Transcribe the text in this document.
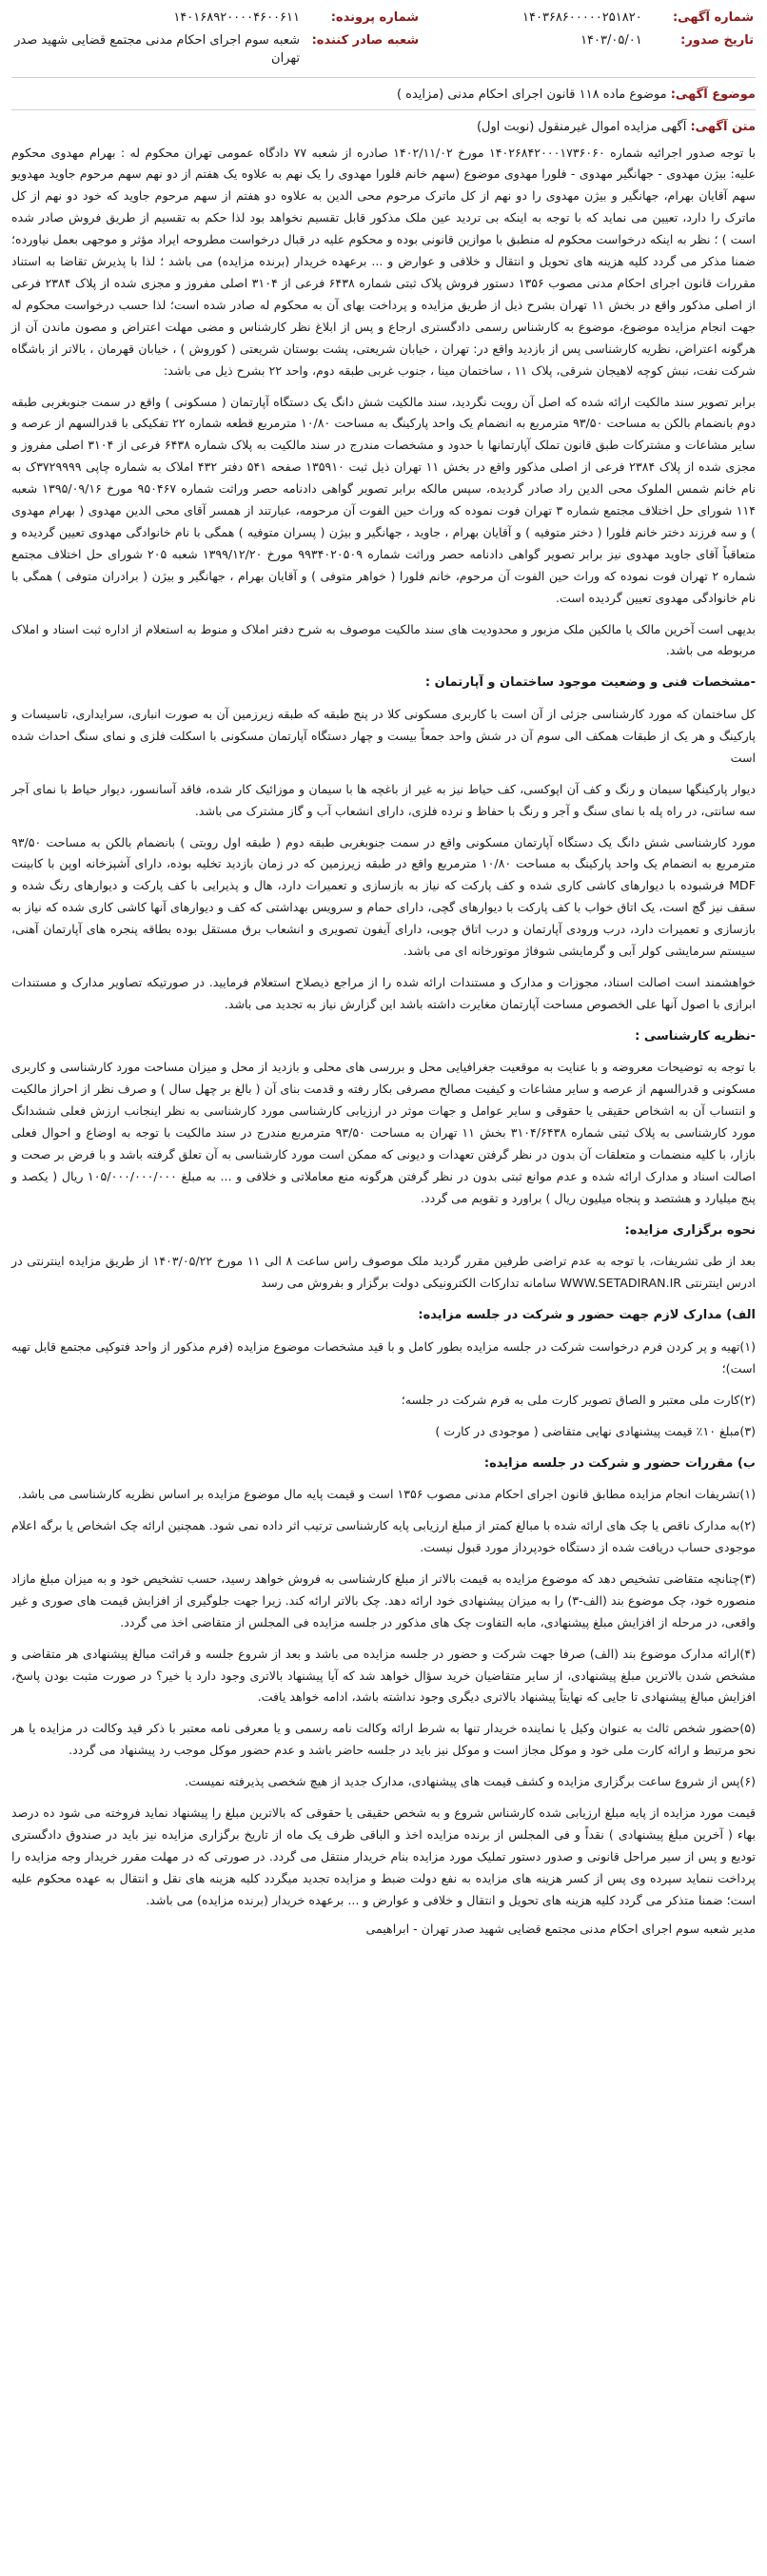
شماره آگهی:	۱۴۰۳۶۸۶۰۰۰۰۰۲۵۱۸۲۰	شماره پرونده:	۱۴۰۱۶۸۹۲۰۰۰۰۴۶۰۰۶۱۱
تاریخ صدور:	۱۴۰۳/۰۵/۰۱	شعبه صادر کننده:	شعبه سوم اجرای احکام مدنی مجتمع قضایی شهید صدر تهران
موضوع آگهی: موضوع ماده ۱۱۸ قانون اجرای احکام مدنی (مزایده )
متن آگهی: آگهی مزایده اموال غیرمنقول (نوبت اول)

با توجه صدور اجرائیه شماره ۱۴۰۲۶۸۴۲۰۰۰۱۷۳۶۰۶۰ مورخ ۱۴۰۲/۱۱/۰۲ صادره از شعبه ۷۷ دادگاه عمومی تهران محکوم له : بهرام مهدوی محکوم علیه: بیژن مهدوی - جهانگیر مهدوی - فلورا مهدوی موضوع (سهم خانم فلورا مهدوی را یک نهم به علاوه یک هفتم از دو نهم سهم مرحوم جاوید مهدویو سهم آقایان بهرام، جهانگیر و بیژن مهدوی را دو نهم از کل ماترک مرحوم محی الدین به علاوه دو هفتم از سهم مرحوم جاوید که خود دو نهم از کل ماترک را دارد، تعیین می نماید که با توجه به اینکه بی تردید عین ملک مذکور قابل تقسیم نخواهد بود لذا حکم به تقسیم از طریق فروش صادر شده است ) ؛ نظر به اینکه درخواست محکوم له منطبق با موازین قانونی بوده و محکوم علیه در قبال درخواست مطروحه ایراد مؤثر و موجهی بعمل نیاورده؛ ضمنا مذکر می گردد کلیه هزینه های تحویل و انتقال و خلافی و عوارض و ... برعهده خریدار (برنده مزایده) می باشد ؛ لذا با پذیرش تقاضا به استناد مقررات قانون اجرای احکام مدنی مصوب ۱۳۵۶ دستور فروش پلاک ثبتی شماره ۶۴۳۸ فرعی از ۳۱۰۴ اصلی مفروز و مجزی شده از پلاک ۲۳۸۴ فرعی از اصلی مذکور واقع در بخش ۱۱ تهران بشرح ذیل از طریق مزایده و پرداخت بهای آن به محکوم له صادر شده است؛ لذا حسب درخواست محکوم له جهت انجام مزایده موضوع، موضوع به کارشناس رسمی دادگستری ارجاع و پس از ابلاغ نظر کارشناس و مضی مهلت اعتراض و مصون ماندن آن از هرگونه اعتراض، نظریه کارشناسی پس از بازدید واقع در: تهران ، خیابان شریعتی، پشت بوستان شریعتی ( کوروش ) ، خیابان قهرمان ، بالاتر از باشگاه شرکت نفت، نبش کوچه لاهیجان شرقی، پلاک ۱۱ ، ساختمان مینا ، جنوب غربی طبقه دوم، واحد ۲۲ بشرح ذیل می باشد:

برابر تصویر سند مالکیت ارائه شده که اصل آن رویت نگردید، سند مالکیت شش دانگ یک دستگاه آپارتمان ( مسکونی ) واقع در سمت جنوبغربی طبقه دوم بانضمام بالکن به مساحت ۹۳/۵۰ مترمربع به انضمام یک واحد پارکینگ به مساحت ۱۰/۸۰ مترمربع قطعه شماره ۲۲ تفکیکی با قدرالسهم از عرصه و سایر مشاعات و مشترکات طبق قانون تملک آپارتمانها با حدود و مشخصات مندرج در سند مالکیت به پلاک شماره ۶۴۳۸ فرعی از ۳۱۰۴ اصلی مفروز و مجزی شده از پلاک ۲۳۸۴ فرعی از اصلی مذکور واقع در بخش ۱۱ تهران ذیل ثبت ۱۳۵۹۱۰ صفحه ۵۴۱ دفتر ۴۳۲ املاک به شماره چاپی ۳۷۲۹۹۹۹ک به نام خانم شمس الملوک محی الدین راد صادر گردیده، سپس مالکه برابر تصویر گواهی دادنامه حصر وراثت شماره ۹۵۰۴۶۷ مورخ ۱۳۹۵/۰۹/۱۶ شعبه ۱۱۴ شورای حل اختلاف مجتمع شماره ۳ تهران فوت نموده که وراث حین الفوت آن مرحومه، عبارتند از همسر آقای محی الدین مهدوی ( بهرام مهدوی ) و سه فرزند دختر خانم فلورا ( دختر متوفیه ) و آقایان بهرام ، جاوید ، جهانگیر و بیژن ( پسران متوفیه ) همگی با نام خانوادگی مهدوی تعیین گردیده و متعاقباً آقای جاوید مهدوی نیز برابر تصویر گواهی دادنامه حصر وراثت شماره ۹۹۳۴۰۲۰۵۰۹ مورخ ۱۳۹۹/۱۲/۲۰ شعبه ۲۰۵ شورای حل اختلاف مجتمع شماره ۲ تهران فوت نموده که وراث حین الفوت آن مرحوم، خانم فلورا ( خواهر متوفی ) و آقایان بهرام ، جهانگیر و بیژن ( برادران متوفی ) همگی با نام خانوادگی مهدوی تعیین گردیده است.

بدیهی است آخرین مالک یا مالکین ملک مزبور و محدودیت های سند مالکیت موصوف به شرح دفتر املاک و منوط به استعلام از اداره ثبت اسناد و املاک مربوطه می باشد.

-مشخصات فنی و وضعیت موجود ساختمان و آپارتمان :

کل ساختمان که مورد کارشناسی جزئی از آن است با کاربری مسکونی کلا در پنج طبقه که طبقه زیرزمین آن به صورت انباری، سرایداری، تاسیسات و پارکینگ و هر یک از طبقات همکف الی سوم آن در شش واحد جمعاً بیست و چهار دستگاه آپارتمان مسکونی با اسکلت فلزی و نمای سنگ احداث شده است

دیوار پارکینگها سیمان و رنگ و کف آن اپوکسی، کف حیاط نیز به غیر از باغچه ها با سیمان و موزائیک کار شده، فاقد آسانسور، دیوار حیاط با نمای آجر سه سانتی، در راه پله با نمای سنگ و آجر و رنگ با حفاظ و نرده فلزی، دارای انشعاب آب و گاز مشترک می باشد.

مورد کارشناسی شش دانگ یک دستگاه آپارتمان مسکونی واقع در سمت جنوبغربی طبقه دوم ( طبقه اول روبتی ) بانضمام بالکن به مساحت ۹۳/۵۰ مترمربع به انضمام یک واحد پارکینگ به مساحت ۱۰/۸۰ مترمربع واقع در طبقه زیرزمین که در زمان بازدید تخلیه بوده، دارای آشپزخانه اوپن با کابینت MDF فرشبوده با دیوارهای کاشی کاری شده و کف پارکت که نیاز به بازسازی و تعمیرات دارد، هال و پذیرایی با کف پارکت و دیوارهای رنگ شده و سقف نیز گچ است، یک اتاق خواب با کف پارکت با دیوارهای گچی، دارای حمام و سرویس بهداشتی که کف و دیوارهای آنها کاشی کاری شده که نیاز به بازسازی و تعمیرات دارد، درب ورودی آپارتمان و درب اتاق چوبی، دارای آیفون تصویری و انشعاب برق مستقل بوده بطاقه پنجره های آپارتمان آهنی، سیستم سرمایشی کولر آبی و گرمایشی شوفاژ موتورخانه ای می باشد.

خواهشمند است اصالت اسناد، مجوزات و مدارک و مستندات ارائه شده را از مراجع ذیصلاح استعلام فرمایید. در صورتیکه تصاویر مدارک و مستندات ابرازی با اصول آنها علی الخصوص مساحت آپارتمان مغایرت داشته باشد این گزارش نیاز به تجدید می باشد.

-نظریه کارشناسی :

با توجه به توضیحات معروضه و با عنایت به موقعیت جغرافیایی محل و بررسی های محلی و بازدید از محل و میزان مساحت مورد کارشناسی و کاربری مسکونی و قدرالسهم از عرصه و سایر مشاعات و کیفیت مصالح مصرفی بکار رفته و قدمت بنای آن ( بالغ بر چهل سال ) و صرف نظر از احراز مالکیت و انتساب آن به اشخاص حقیقی یا حقوقی و سایر عوامل و جهات موثر در ارزیابی کارشناسی مورد کارشناسی به نظر اینجانب ارزش فعلی ششدانگ مورد کارشناسی به پلاک ثبتی شماره ۳۱۰۴/۶۴۳۸ بخش ۱۱ تهران به مساحت ۹۳/۵۰ مترمربع مندرج در سند مالکیت با توجه به اوضاع و احوال فعلی بازار، با کلیه منضمات و متعلقات آن بدون در نظر گرفتن تعهدات و دیونی که ممکن است مورد کارشناسی به آن تعلق گرفته باشد و با فرض بر صحت و اصالت اسناد و مدارک ارائه شده و عدم موانع ثبتی بدون در نظر گرفتن هرگونه منع معاملاتی و خلافی و ... به مبلغ ۱۰۵/۰۰۰/۰۰۰/۰۰۰ ریال ( یکصد و پنج میلیارد و هشتصد و پنجاه میلیون ریال ) براورد و تقویم می گردد.

نحوه برگزاری مزایده:

بعد از طی تشریفات، با توجه به عدم تراضی طرفین مقرر گردید ملک موصوف راس ساعت ۸ الی ۱۱ مورخ ۱۴۰۳/۰۵/۲۲ از طریق مزایده اینترنتی در ادرس اینترنتی WWW.SETADIRAN.IR سامانه تدارکات الکترونیکی دولت برگزار و بفروش می رسد

الف) مدارک لازم جهت حضور و شرکت در جلسه مزایده:

(۱)تهیه و پر کردن فرم درخواست شرکت در جلسه مزایده بطور کامل و با قید مشخصات موضوع مزایده (فرم مذکور از واحد فتوکپی مجتمع قابل تهیه است)؛

(۲)کارت ملی معتبر و الصاق تصویر کارت ملی به فرم شرکت در جلسه؛

(۳)مبلغ ۱۰٪ قیمت پیشنهادی نهایی متقاضی ( موجودی در کارت )

ب) مقررات حضور و شرکت در جلسه مزایده:

(۱)تشریفات انجام مزایده مطابق قانون اجرای احکام مدنی مصوب ۱۳۵۶ است و قیمت پایه مال موضوع مزایده بر اساس نظریه کارشناسی می باشد.

(۲)به مدارک ناقص یا چک های ارائه شده با مبالغ کمتر از مبلغ ارزیابی پایه کارشناسی ترتیب اثر داده نمی شود. همچنین ارائه چک اشخاص یا برگه اعلام موجودی حساب دریافت شده از دستگاه خودپرداز مورد قبول نیست.

(۳)چنانچه متقاضی تشخیص دهد که موضوع مزایده به قیمت بالاتر از مبلغ کارشناسی به فروش خواهد رسید، حسب تشخیص خود و به میزان مبلغ مازاد منصوره خود، چک موضوع بند (الف-۳) را به میزان پیشنهادی خود ارائه دهد. چک بالاتر ارائه کند. زیرا جهت جلوگیری از افزایش قیمت های صوری و غیر واقعی، در مرحله از افزایش مبلغ پیشنهادی، مابه التفاوت چک های مذکور در جلسه مزایده فی المجلس از متقاضی اخذ می گردد.

(۴)ارائه مدارک موضوع بند (الف) صرفا جهت شرکت و حضور در جلسه مزایده می باشد و بعد از شروع جلسه و قرائت مبالغ پیشنهادی هر متقاضی و مشخص شدن بالاترین مبلغ پیشنهادی، از سایر متقاضیان خرید سؤال خواهد شد که آیا پیشنهاد بالاتری وجود دارد یا خیر؟ در صورت مثبت بودن پاسخ، افزایش مبالغ پیشنهادی تا جایی که نهایتاً پیشنهاد بالاتری دیگری وجود نداشته باشد، ادامه خواهد یافت.

(۵)حضور شخص ثالث به عنوان وکیل یا نماینده خریدار تنها به شرط ارائه وکالت نامه رسمی و یا معرفی نامه معتبر با ذکر قید وکالت در مزایده یا هر نحو مرتبط و ارائه کارت ملی خود و موکل مجاز است و موکل نیز باید در جلسه حاضر باشد و عدم حضور موکل موجب رد پیشنهاد می گردد.

(۶)پس از شروع ساعت برگزاری مزایده و کشف قیمت های پیشنهادی، مدارک جدید از هیچ شخصی پذیرفته نمیست.

قیمت مورد مزایده از پایه مبلغ ارزیابی شده کارشناس شروع و به شخص حقیقی یا حقوقی که بالاترین مبلغ را پیشنهاد نماید فروخته می شود ده درصد بهاء ( آخرین مبلغ پیشنهادی ) نقداً و فی المجلس از برنده مزایده اخذ و الباقی ظرف یک ماه از تاریخ برگزاری مزایده نیز باید در صندوق دادگستری تودیع و پس از سیر مراحل قانونی و صدور دستور تملیک مورد مزایده بنام خریدار منتقل می گردد. در صورتی که در مهلت مقرر خریدار وجه مزایده را پرداخت ننماید سپرده وی پس از کسر هزینه های مزایده به نفع دولت ضبط و مزایده تجدید میگردد کلیه هزینه های نقل و انتقال به عهده محکوم علیه است؛ ضمنا متذکر می گردد کلیه هزینه های تحویل و انتقال و خلافی و عوارض و ... برعهده خریدار (برنده مزایده) می باشد.

مدیر شعبه سوم اجرای احکام مدنی مجتمع قضایی شهید صدر تهران - ابراهیمی
